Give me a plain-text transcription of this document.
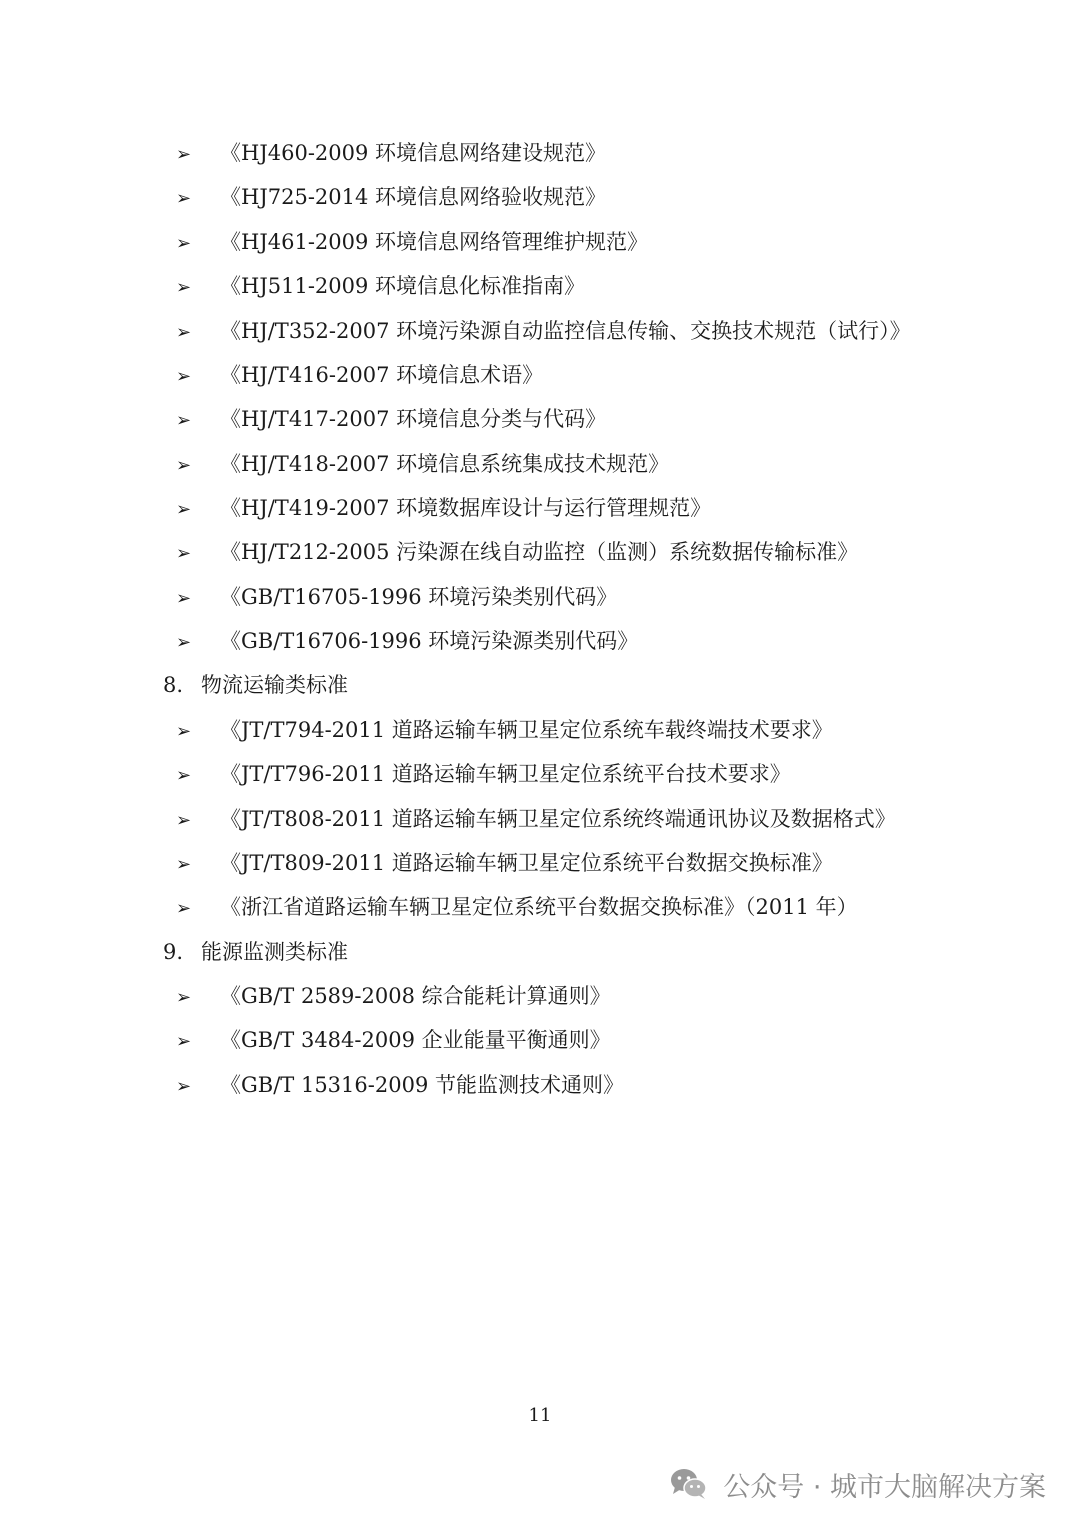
➢ 《HJ460-2009 环境信息网络建设规范》
➢ 《HJ725-2014 环境信息网络验收规范》
➢ 《HJ461-2009 环境信息网络管理维护规范》
➢ 《HJ511-2009 环境信息化标准指南》
➢ 《HJ/T352-2007 环境污染源自动监控信息传输、交换技术规范（试行）》
➢ 《HJ/T416-2007 环境信息术语》
➢ 《HJ/T417-2007 环境信息分类与代码》
➢ 《HJ/T418-2007 环境信息系统集成技术规范》
➢ 《HJ/T419-2007 环境数据库设计与运行管理规范》
➢ 《HJ/T212-2005 污染源在线自动监控（监测）系统数据传输标准》
➢ 《GB/T16705-1996 环境污染类别代码》
➢ 《GB/T16706-1996 环境污染源类别代码》
8. 物流运输类标准
➢ 《JT/T794-2011 道路运输车辆卫星定位系统车载终端技术要求》
➢ 《JT/T796-2011 道路运输车辆卫星定位系统平台技术要求》
➢ 《JT/T808-2011 道路运输车辆卫星定位系统终端通讯协议及数据格式》
➢ 《JT/T809-2011 道路运输车辆卫星定位系统平台数据交换标准》
➢ 《浙江省道路运输车辆卫星定位系统平台数据交换标准》（2011 年）
9. 能源监测类标准
➢ 《GB/T 2589-2008 综合能耗计算通则》
➢ 《GB/T 3484-2009 企业能量平衡通则》
➢ 《GB/T 15316-2009 节能监测技术通则》
11
公众号 · 城市大脑解决方案
